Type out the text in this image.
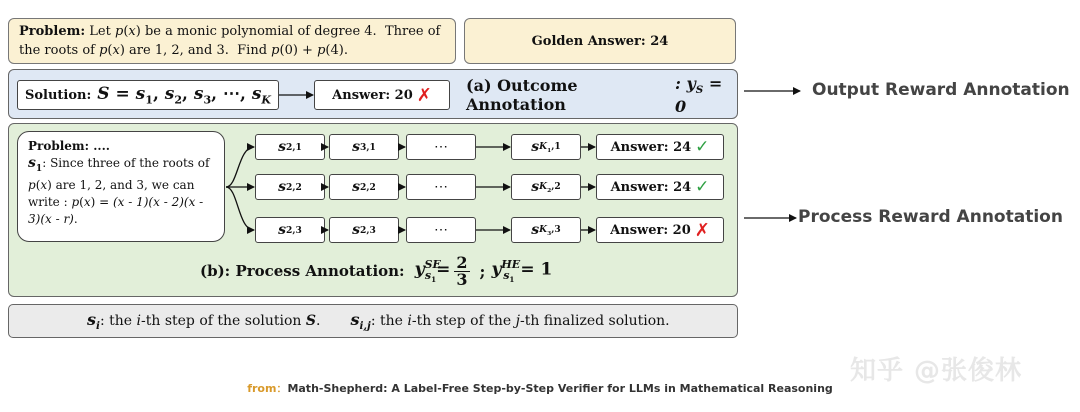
Problem: Let p(x) be a monic polynomial of degree 4.  Three of the roots of p(x) are 1, 2, and 3.  Find p(0) + p(4).
Golden Answer: 24
Solution: $S = s_1$, $s_2$, $s_3$, ⋯, $s_K$	Answer: 20 ✗ (a) Outcome Annotation
: $y_S = 0$
Problem: ....
$s_1$: Since three of the roots of p(x) are 1, 2, and 3, we can write : p(x) = (x - 1)(x - 2)(x - 3)(x - r).
s 2,1	s 3,1	⋯	s $K_1,1$	Answer: 24 ✓
s 2,2	s 2,2	⋯	s $K_2,2$	Answer: 24 ✓
s 2,3	s 2,3	⋯	s $K_3,3$	Answer: 20 ✗
(b): Process Annotation: $y^{SE}_{s_1}= \frac{2}{3}$ ; $y^{HE}_{s_1} = 1$
$s_i$: the i-th step of the solution S. $s_{i,j}$: the i-th step of the j-th finalized solution.
Output Reward Annotation
Process Reward Annotation
知乎 @张俊林
from：Math-Shepherd: A Label-Free Step-by-Step Verifier for LLMs in Mathematical Reasoning
